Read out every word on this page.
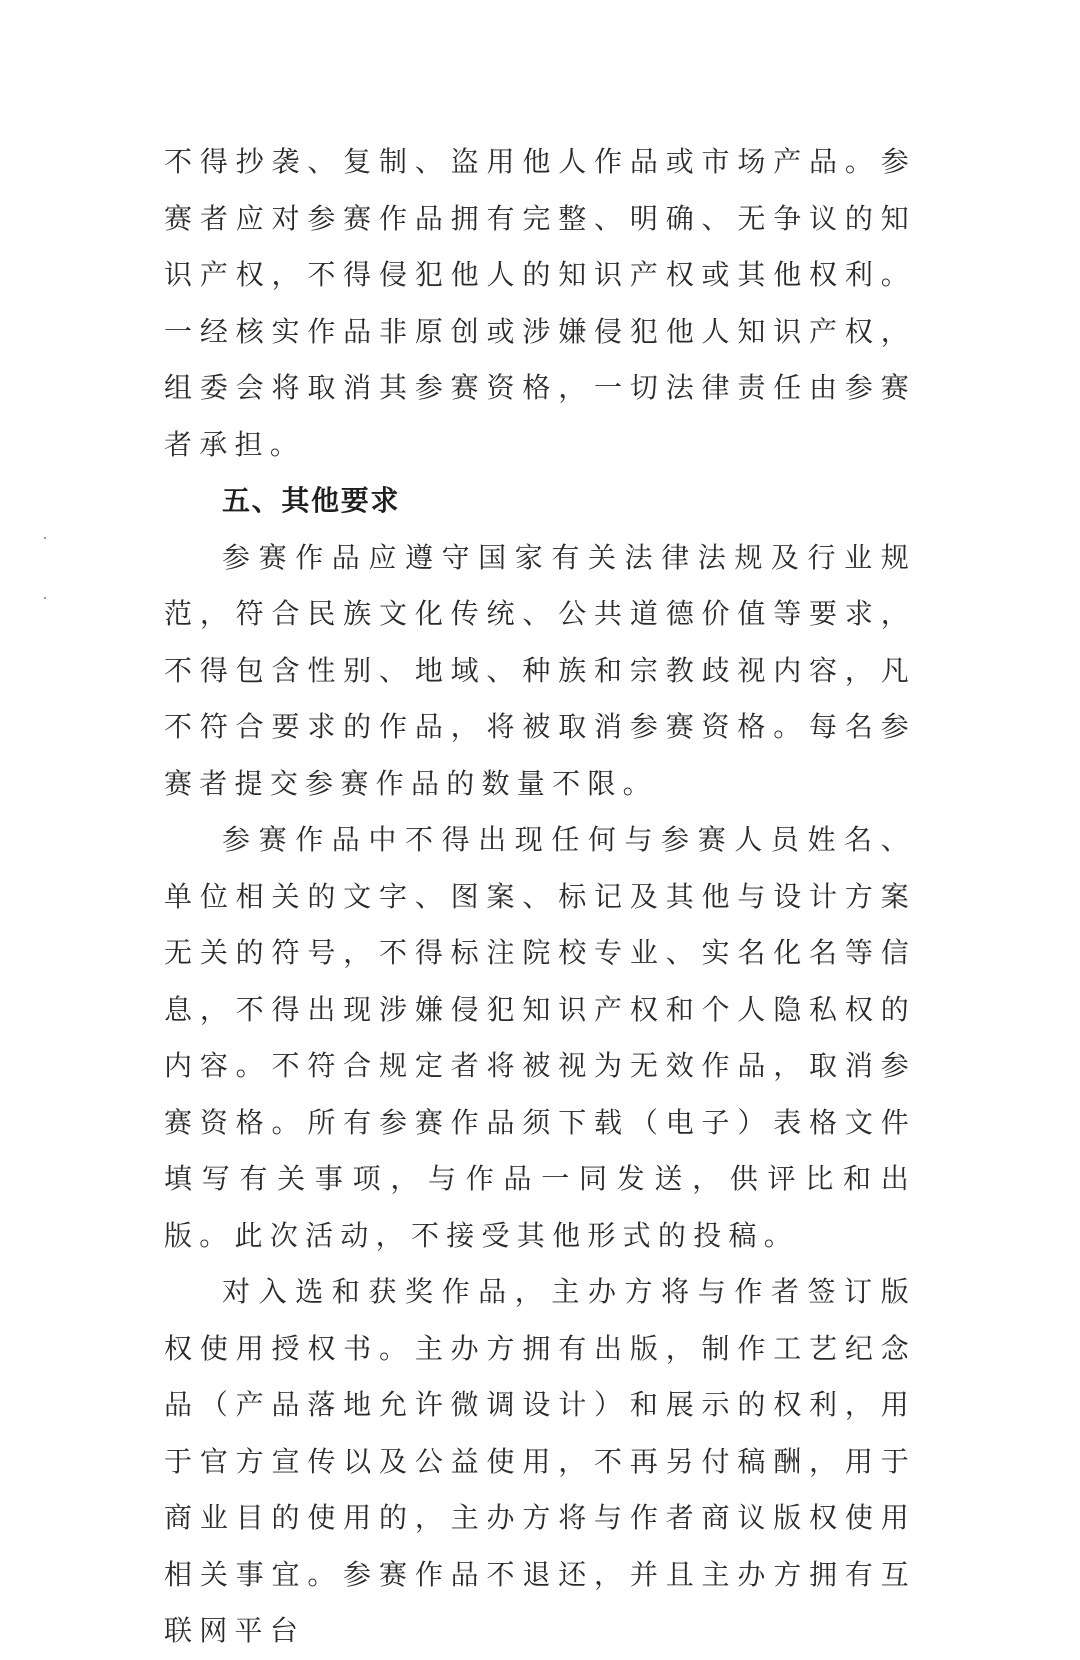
不得抄袭、复制、盗用他人作品或市场产品。参赛者应对参赛作品拥有完整、明确、无争议的知识产权，不得侵犯他人的知识产权或其他权利。一经核实作品非原创或涉嫌侵犯他人知识产权，组委会将取消其参赛资格，一切法律责任由参赛者承担。

五、其他要求

参赛作品应遵守国家有关法律法规及行业规范，符合民族文化传统、公共道德价值等要求，不得包含性别、地域、种族和宗教歧视内容，凡不符合要求的作品，将被取消参赛资格。每名参赛者提交参赛作品的数量不限。

参赛作品中不得出现任何与参赛人员姓名、单位相关的文字、图案、标记及其他与设计方案无关的符号，不得标注院校专业、实名化名等信息，不得出现涉嫌侵犯知识产权和个人隐私权的内容。不符合规定者将被视为无效作品，取消参赛资格。所有参赛作品须下载（电子）表格文件填写有关事项，与作品一同发送，供评比和出版。此次活动，不接受其他形式的投稿。

对入选和获奖作品，主办方将与作者签订版权使用授权书。主办方拥有出版，制作工艺纪念品（产品落地允许微调设计）和展示的权利，用于官方宣传以及公益使用，不再另付稿酬，用于商业目的使用的，主办方将与作者商议版权使用相关事宜。参赛作品不退还，并且主办方拥有互联网平台
